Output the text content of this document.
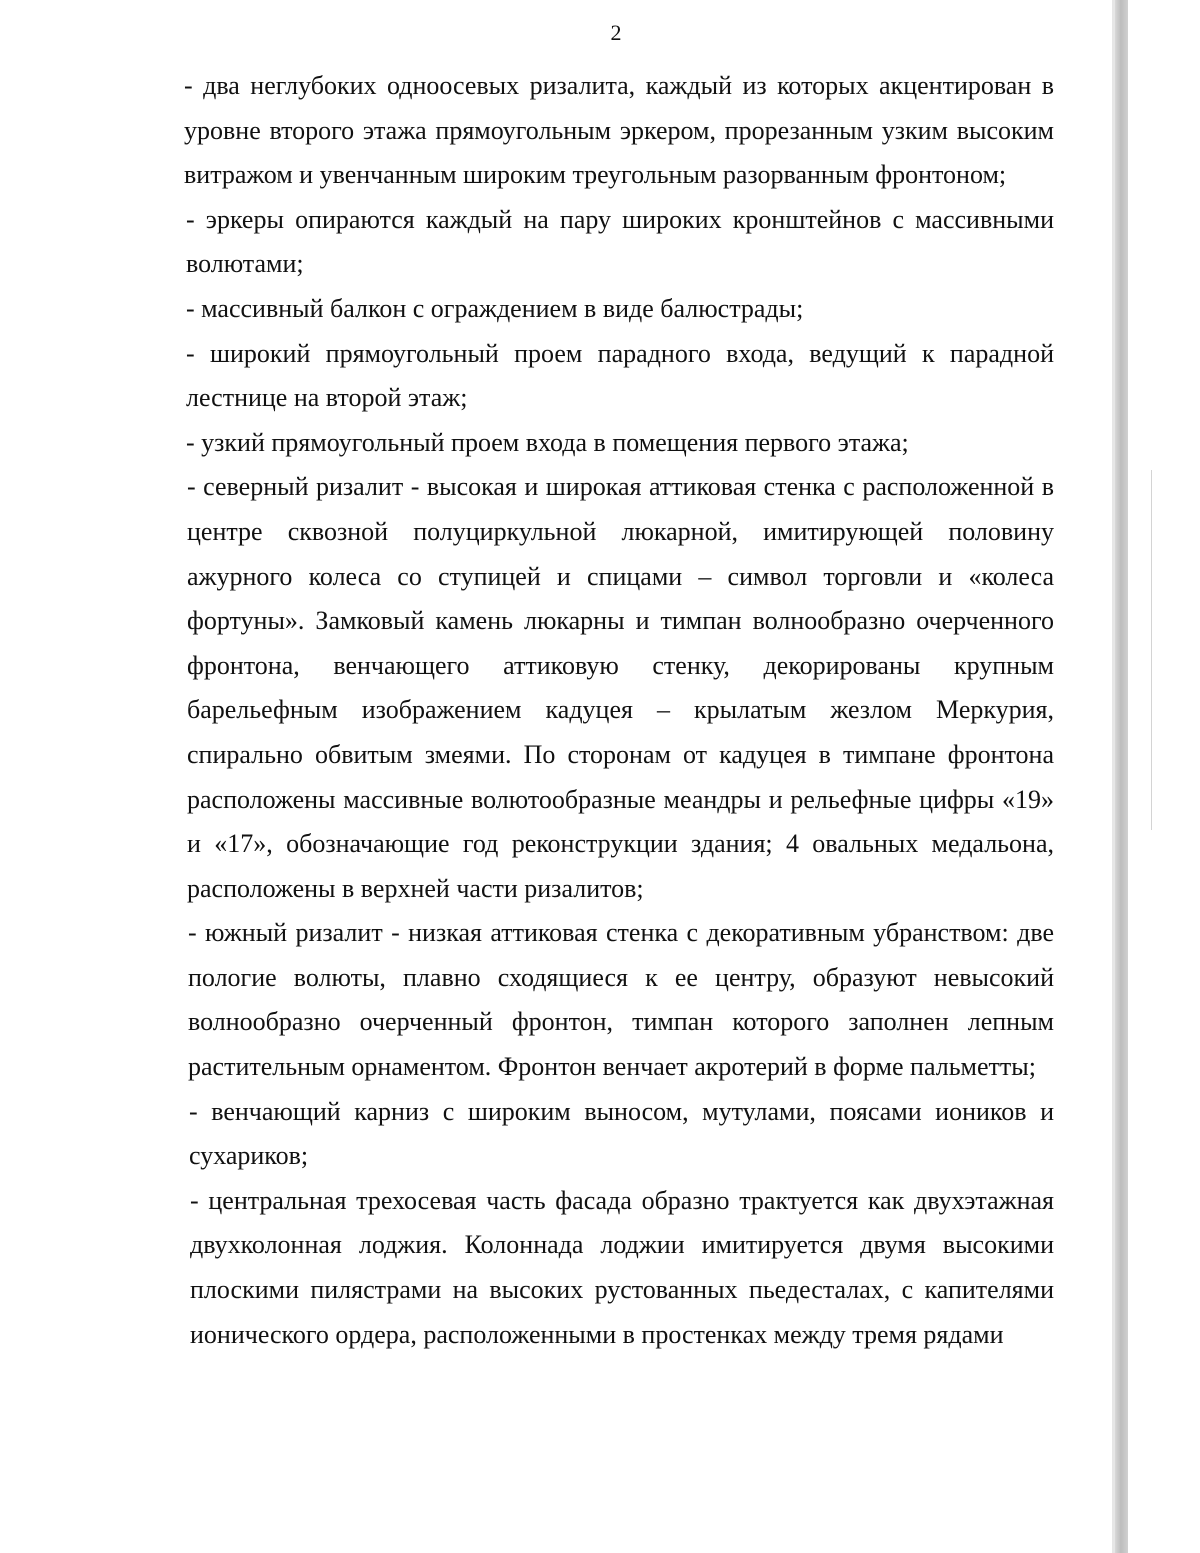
2

- два неглубоких одноосевых ризалита, каждый из которых акцентирован в уровне второго этажа прямоугольным эркером, прорезанным узким высоким витражом и увенчанным широким треугольным разорванным фронтоном;

- эркеры опираются каждый на пару широких кронштейнов с массивными волютами;

- массивный балкон с ограждением в виде балюстрады;

- широкий прямоугольный проем парадного входа, ведущий к парадной лестнице на второй этаж;

- узкий прямоугольный проем входа в помещения первого этажа;

- северный ризалит - высокая и широкая аттиковая стенка с расположенной в центре сквозной полуциркульной люкарной, имитирующей половину ажурного колеса со ступицей и спицами – символ торговли и «колеса фортуны». Замковый камень люкарны и тимпан волнообразно очерченного фронтона, венчающего аттиковую стенку, декорированы крупным барельефным изображением кадуцея – крылатым жезлом Меркурия, спирально обвитым змеями. По сторонам от кадуцея в тимпане фронтона расположены массивные волютообразные меандры и рельефные цифры «19» и «17», обозначающие год реконструкции здания; 4 овальных медальона, расположены в верхней части ризалитов;

- южный ризалит - низкая аттиковая стенка с декоративным убранством: две пологие волюты, плавно сходящиеся к ее центру, образуют невысокий волнообразно очерченный фронтон, тимпан которого заполнен лепным растительным орнаментом. Фронтон венчает акротерий в форме пальметты;

- венчающий карниз с широким выносом, мутулами, поясами иоников и сухариков;

- центральная трехосевая часть фасада образно трактуется как двухэтажная двухколонная лоджия. Колоннада лоджии имитируется двумя высокими плоскими пилястрами на высоких рустованных пьедесталах, с капителями ионического ордера, расположенными в простенках между тремя рядами
